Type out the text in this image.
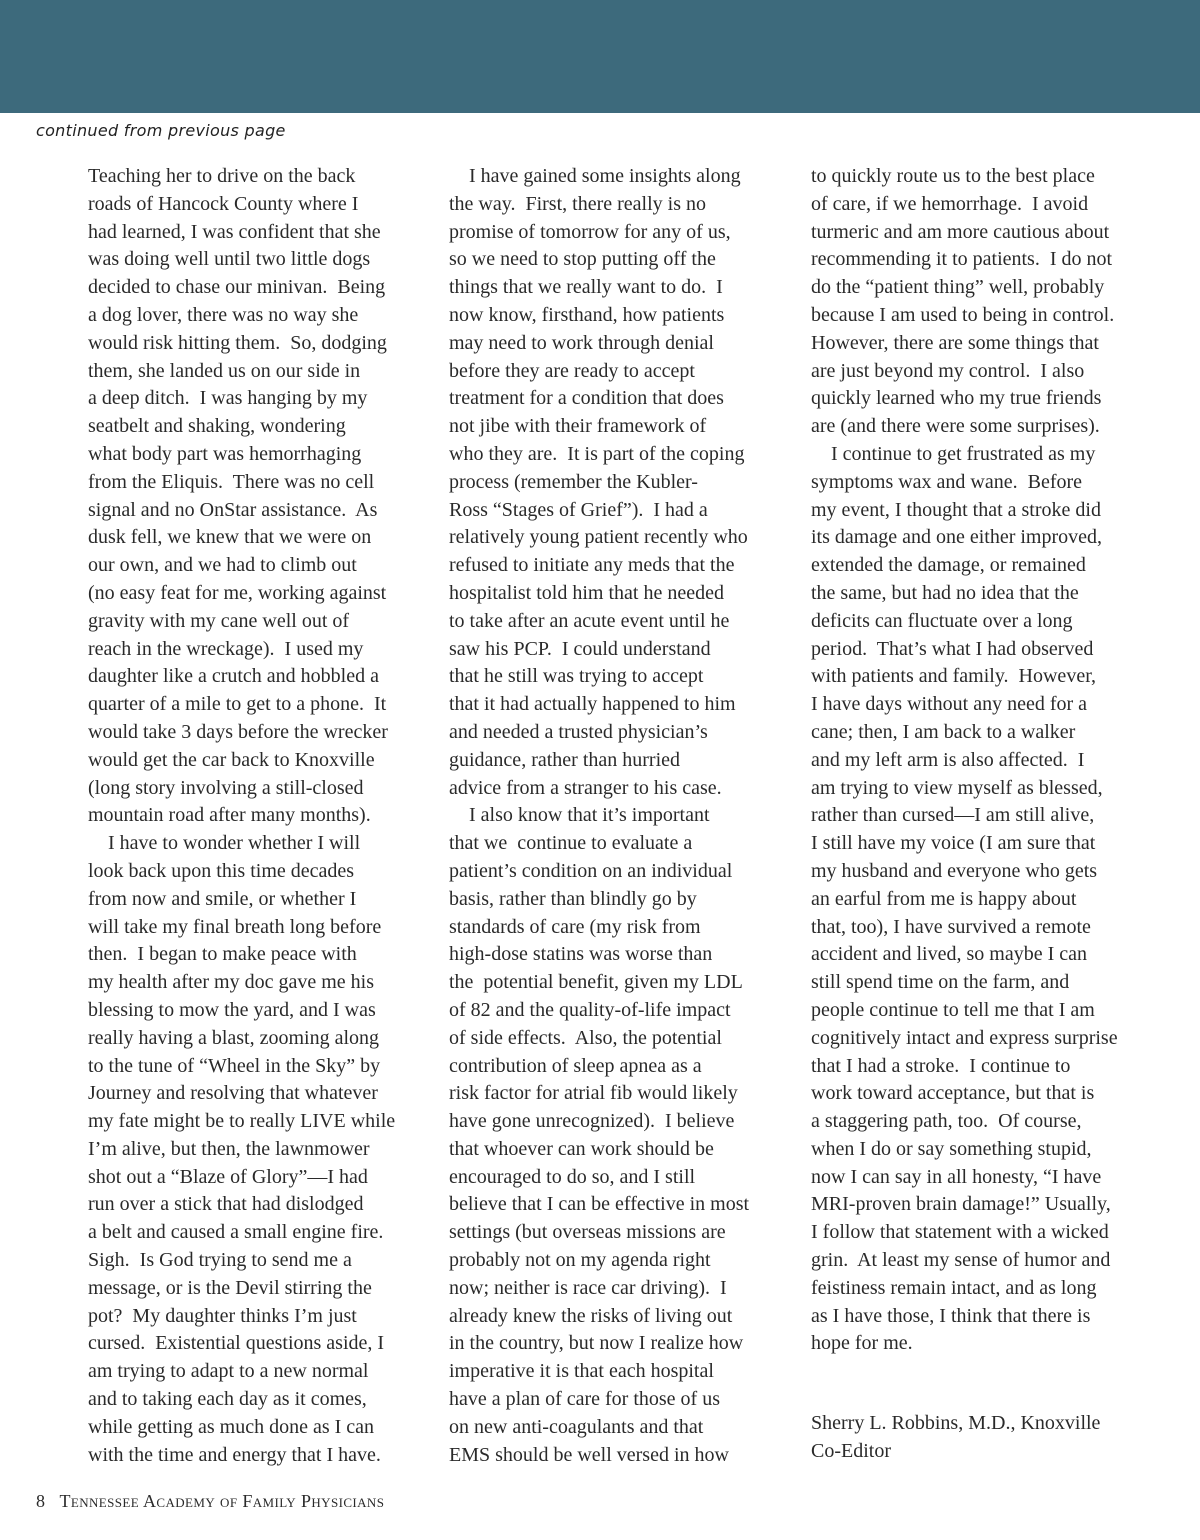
continued from previous page
Teaching her to drive on the back
roads of Hancock County where I
had learned, I was confident that she
was doing well until two little dogs
decided to chase our minivan.  Being
a dog lover, there was no way she
would risk hitting them.  So, dodging
them, she landed us on our side in
a deep ditch.  I was hanging by my
seatbelt and shaking, wondering
what body part was hemorrhaging
from the Eliquis.  There was no cell
signal and no OnStar assistance.  As
dusk fell, we knew that we were on
our own, and we had to climb out
(no easy feat for me, working against
gravity with my cane well out of
reach in the wreckage).  I used my
daughter like a crutch and hobbled a
quarter of a mile to get to a phone.  It
would take 3 days before the wrecker
would get the car back to Knoxville
(long story involving a still-closed
mountain road after many months).
I have to wonder whether I will
look back upon this time decades
from now and smile, or whether I
will take my final breath long before
then.  I began to make peace with
my health after my doc gave me his
blessing to mow the yard, and I was
really having a blast, zooming along
to the tune of “Wheel in the Sky” by
Journey and resolving that whatever
my fate might be to really LIVE while
I’m alive, but then, the lawnmower
shot out a “Blaze of Glory”—I had
run over a stick that had dislodged
a belt and caused a small engine fire.
Sigh.  Is God trying to send me a
message, or is the Devil stirring the
pot?  My daughter thinks I’m just
cursed.  Existential questions aside, I
am trying to adapt to a new normal
and to taking each day as it comes,
while getting as much done as I can
with the time and energy that I have.
I have gained some insights along
the way.  First, there really is no
promise of tomorrow for any of us,
so we need to stop putting off the
things that we really want to do.  I
now know, firsthand, how patients
may need to work through denial
before they are ready to accept
treatment for a condition that does
not jibe with their framework of
who they are.  It is part of the coping
process (remember the Kubler-
Ross “Stages of Grief”).  I had a
relatively young patient recently who
refused to initiate any meds that the
hospitalist told him that he needed
to take after an acute event until he
saw his PCP.  I could understand
that he still was trying to accept
that it had actually happened to him
and needed a trusted physician’s
guidance, rather than hurried
advice from a stranger to his case.
I also know that it’s important
that we  continue to evaluate a
patient’s condition on an individual
basis, rather than blindly go by
standards of care (my risk from
high-dose statins was worse than
the  potential benefit, given my LDL
of 82 and the quality-of-life impact
of side effects.  Also, the potential
contribution of sleep apnea as a
risk factor for atrial fib would likely
have gone unrecognized).  I believe
that whoever can work should be
encouraged to do so, and I still
believe that I can be effective in most
settings (but overseas missions are
probably not on my agenda right
now; neither is race car driving).  I
already knew the risks of living out
in the country, but now I realize how
imperative it is that each hospital
have a plan of care for those of us
on new anti-coagulants and that
EMS should be well versed in how
to quickly route us to the best place
of care, if we hemorrhage.  I avoid
turmeric and am more cautious about
recommending it to patients.  I do not
do the “patient thing” well, probably
because I am used to being in control.
However, there are some things that
are just beyond my control.  I also
quickly learned who my true friends
are (and there were some surprises).
I continue to get frustrated as my
symptoms wax and wane.  Before
my event, I thought that a stroke did
its damage and one either improved,
extended the damage, or remained
the same, but had no idea that the
deficits can fluctuate over a long
period.  That’s what I had observed
with patients and family.  However,
I have days without any need for a
cane; then, I am back to a walker
and my left arm is also affected.  I
am trying to view myself as blessed,
rather than cursed—I am still alive,
I still have my voice (I am sure that
my husband and everyone who gets
an earful from me is happy about
that, too), I have survived a remote
accident and lived, so maybe I can
still spend time on the farm, and
people continue to tell me that I am
cognitively intact and express surprise
that I had a stroke.  I continue to
work toward acceptance, but that is
a staggering path, too.  Of course,
when I do or say something stupid,
now I can say in all honesty, “I have
MRI-proven brain damage!” Usually,
I follow that statement with a wicked
grin.  At least my sense of humor and
feistiness remain intact, and as long
as I have those, I think that there is
hope for me.
Sherry L. Robbins, M.D., Knoxville
Co-Editor
8 Tennessee Academy of Family Physicians
